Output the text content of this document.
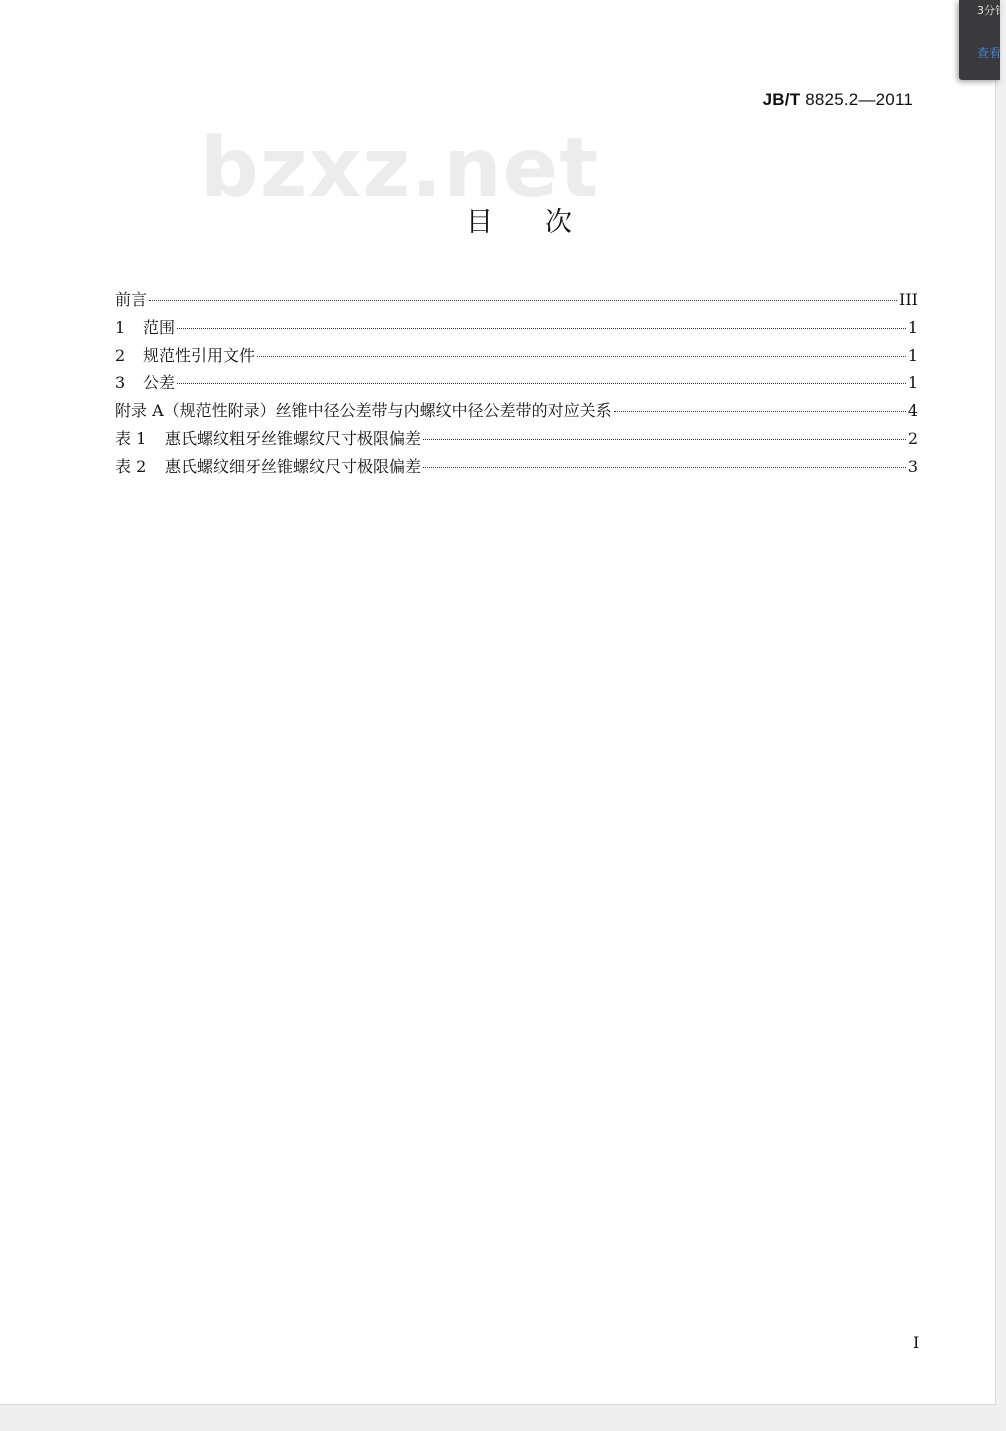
JB/T 8825.2—2011
bzxz.net
目次
前言	III
1	范围	1
2	规范性引用文件	1
3	公差	1
附录 A（规范性附录）丝锥中径公差带与内螺纹中径公差带的对应关系	4
表 1	惠氏螺纹粗牙丝锥螺纹尺寸极限偏差	2
表 2	惠氏螺纹细牙丝锥螺纹尺寸极限偏差	3
I
3分钟
查看
